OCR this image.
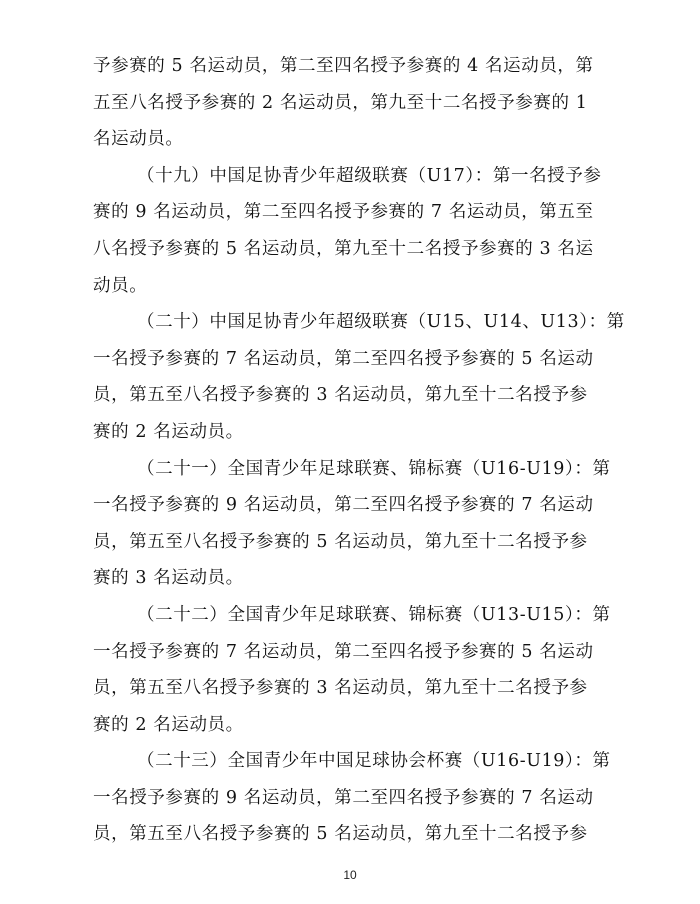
予参赛的 5 名运动员，第二至四名授予参赛的 4 名运动员，第
五至八名授予参赛的 2 名运动员，第九至十二名授予参赛的 1
名运动员。
（十九）中国足协青少年超级联赛（U17）：第一名授予参
赛的 9 名运动员，第二至四名授予参赛的 7 名运动员，第五至
八名授予参赛的 5 名运动员，第九至十二名授予参赛的 3 名运
动员。
（二十）中国足协青少年超级联赛（U15、U14、U13）：第
一名授予参赛的 7 名运动员，第二至四名授予参赛的 5 名运动
员，第五至八名授予参赛的 3 名运动员，第九至十二名授予参
赛的 2 名运动员。
（二十一）全国青少年足球联赛、锦标赛（U16-U19）：第
一名授予参赛的 9 名运动员，第二至四名授予参赛的 7 名运动
员，第五至八名授予参赛的 5 名运动员，第九至十二名授予参
赛的 3 名运动员。
（二十二）全国青少年足球联赛、锦标赛（U13-U15）：第
一名授予参赛的 7 名运动员，第二至四名授予参赛的 5 名运动
员，第五至八名授予参赛的 3 名运动员，第九至十二名授予参
赛的 2 名运动员。
（二十三）全国青少年中国足球协会杯赛（U16-U19）：第
一名授予参赛的 9 名运动员，第二至四名授予参赛的 7 名运动
员，第五至八名授予参赛的 5 名运动员，第九至十二名授予参
10
